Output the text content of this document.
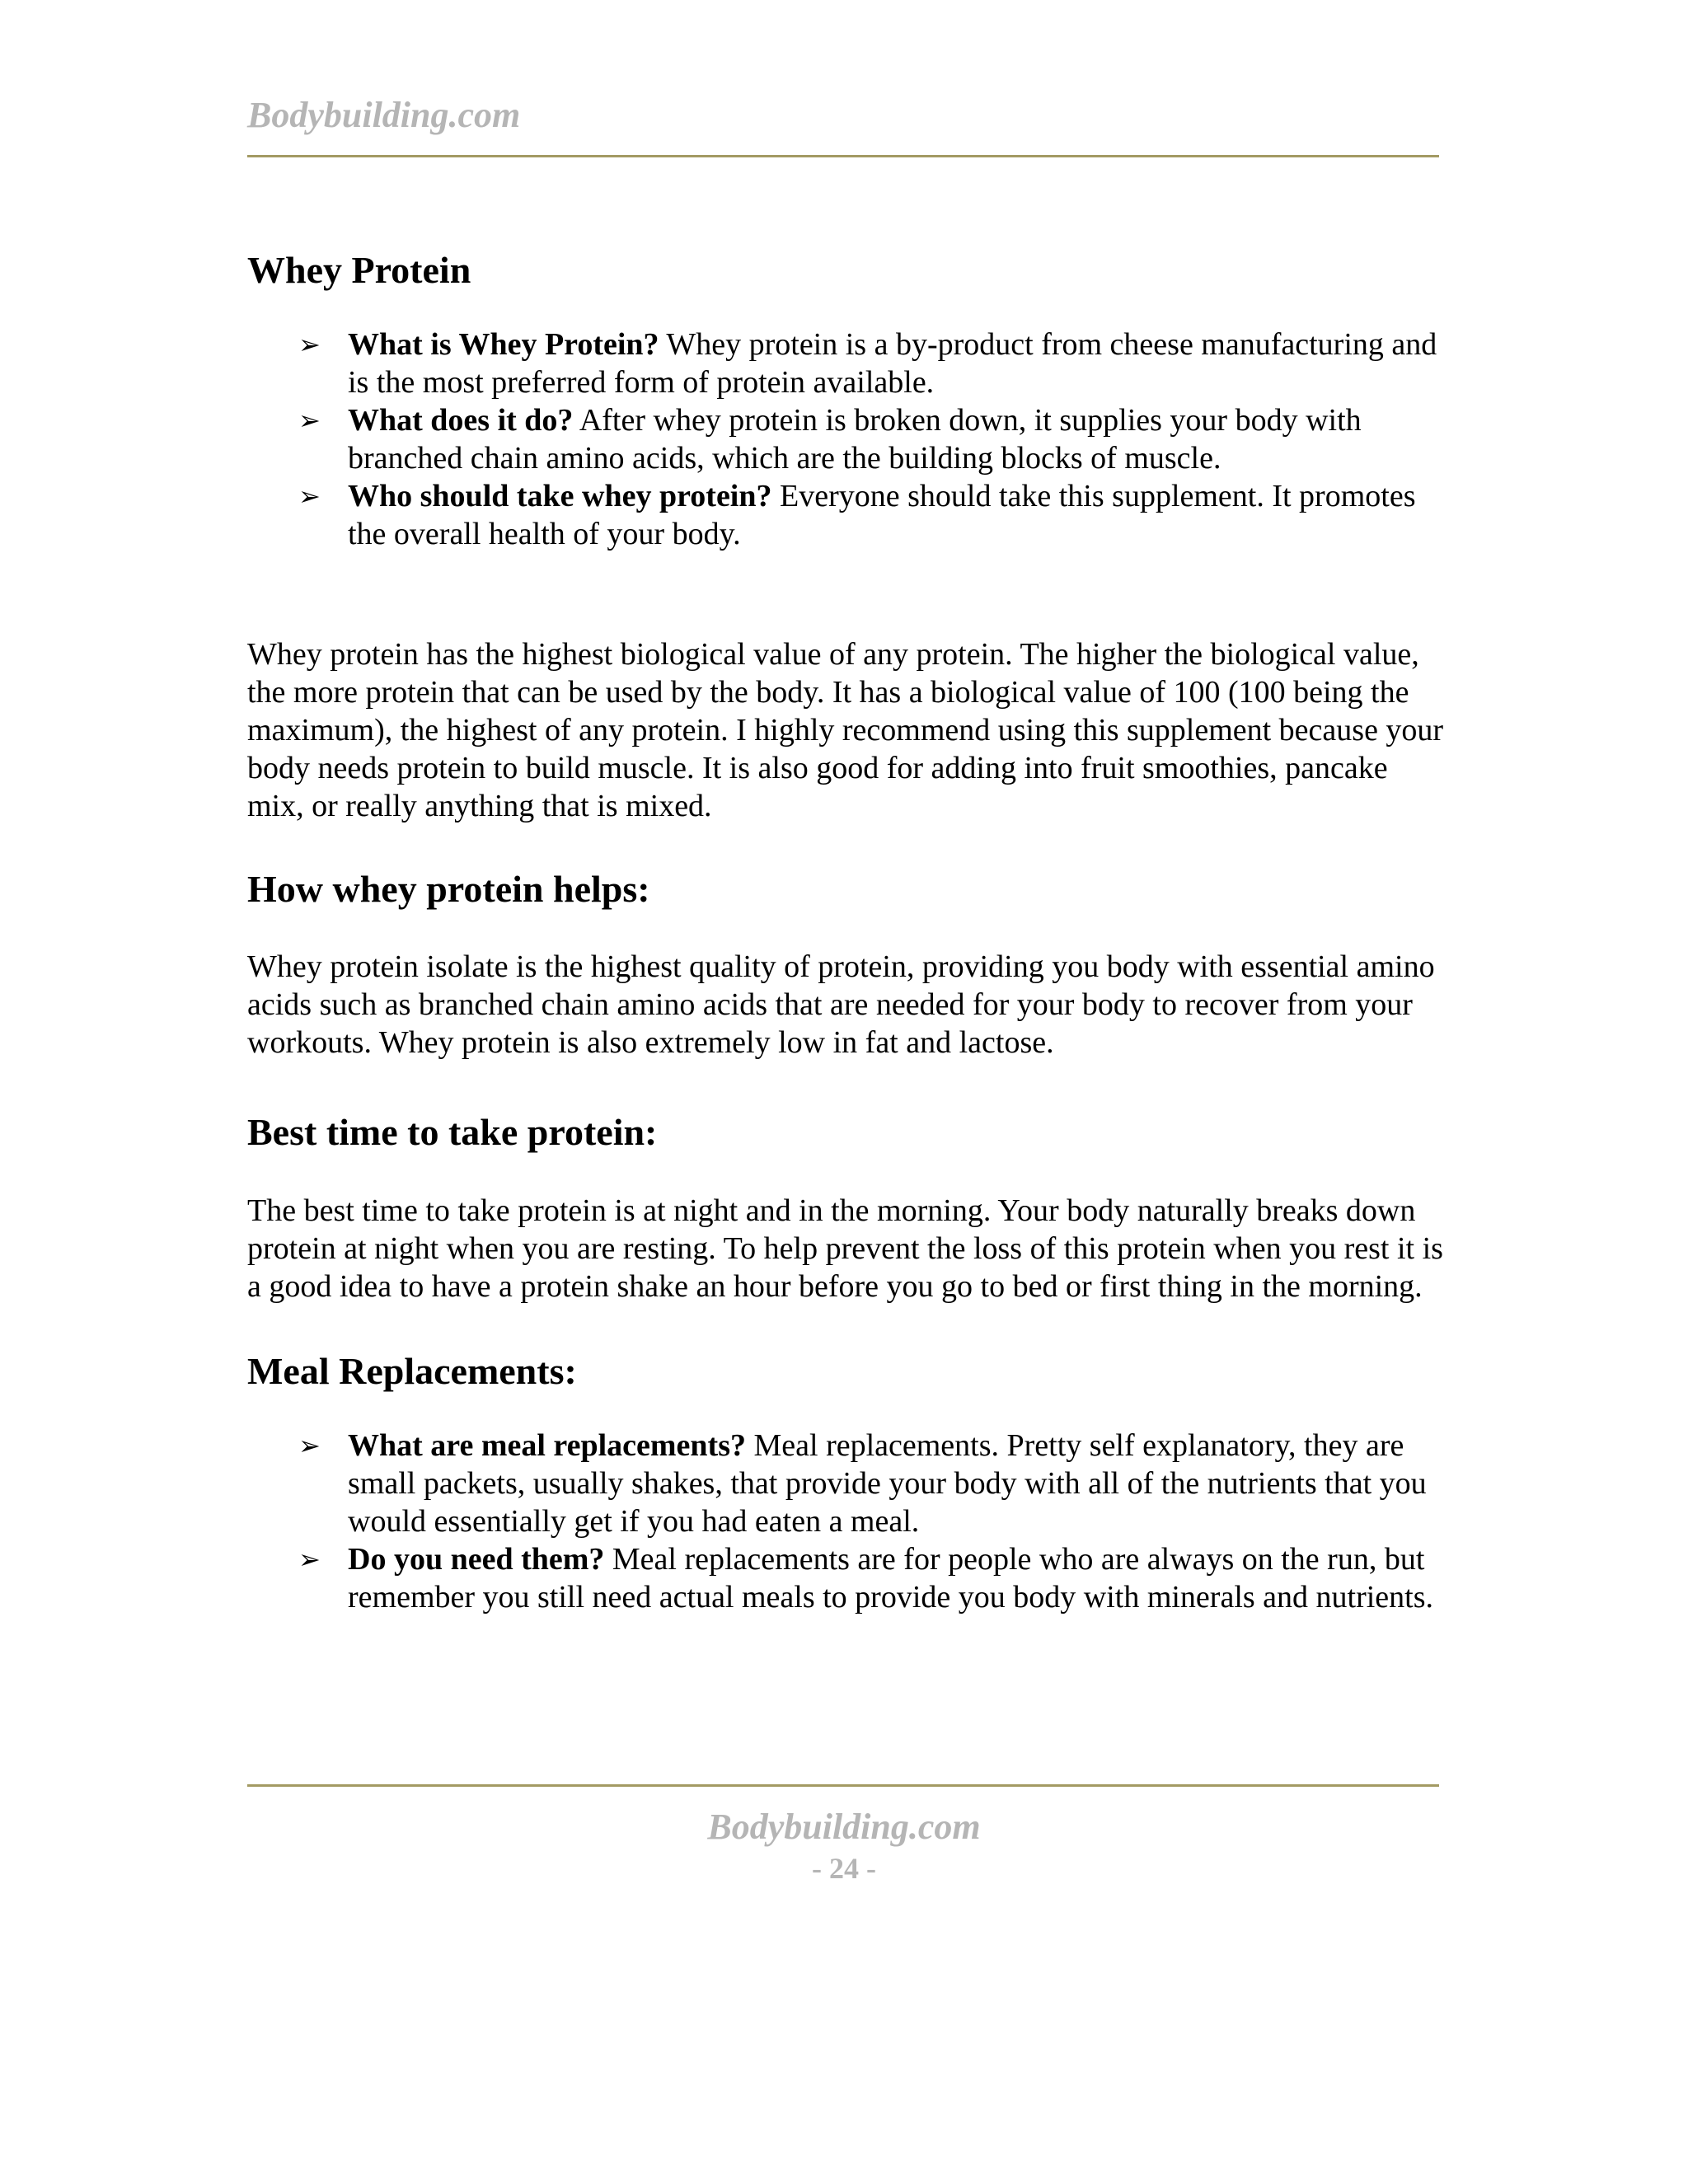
Bodybuilding.com
Whey Protein
➢ What is Whey Protein? Whey protein is a by-product from cheese manufacturing and is the most preferred form of protein available.
➢ What does it do? After whey protein is broken down, it supplies your body with branched chain amino acids, which are the building blocks of muscle.
➢ Who should take whey protein? Everyone should take this supplement. It promotes the overall health of your body.

Whey protein has the highest biological value of any protein. The higher the biological value, the more protein that can be used by the body. It has a biological value of 100 (100 being the maximum), the highest of any protein. I highly recommend using this supplement because your body needs protein to build muscle. It is also good for adding into fruit smoothies, pancake mix, or really anything that is mixed.

How whey protein helps:

Whey protein isolate is the highest quality of protein, providing you body with essential amino acids such as branched chain amino acids that are needed for your body to recover from your workouts. Whey protein is also extremely low in fat and lactose.

Best time to take protein:

The best time to take protein is at night and in the morning. Your body naturally breaks down protein at night when you are resting. To help prevent the loss of this protein when you rest it is a good idea to have a protein shake an hour before you go to bed or first thing in the morning.

Meal Replacements:
➢ What are meal replacements? Meal replacements. Pretty self explanatory, they are small packets, usually shakes, that provide your body with all of the nutrients that you would essentially get if you had eaten a meal.
➢ Do you need them? Meal replacements are for people who are always on the run, but remember you still need actual meals to provide you body with minerals and nutrients.
Bodybuilding.com
- 24 -
